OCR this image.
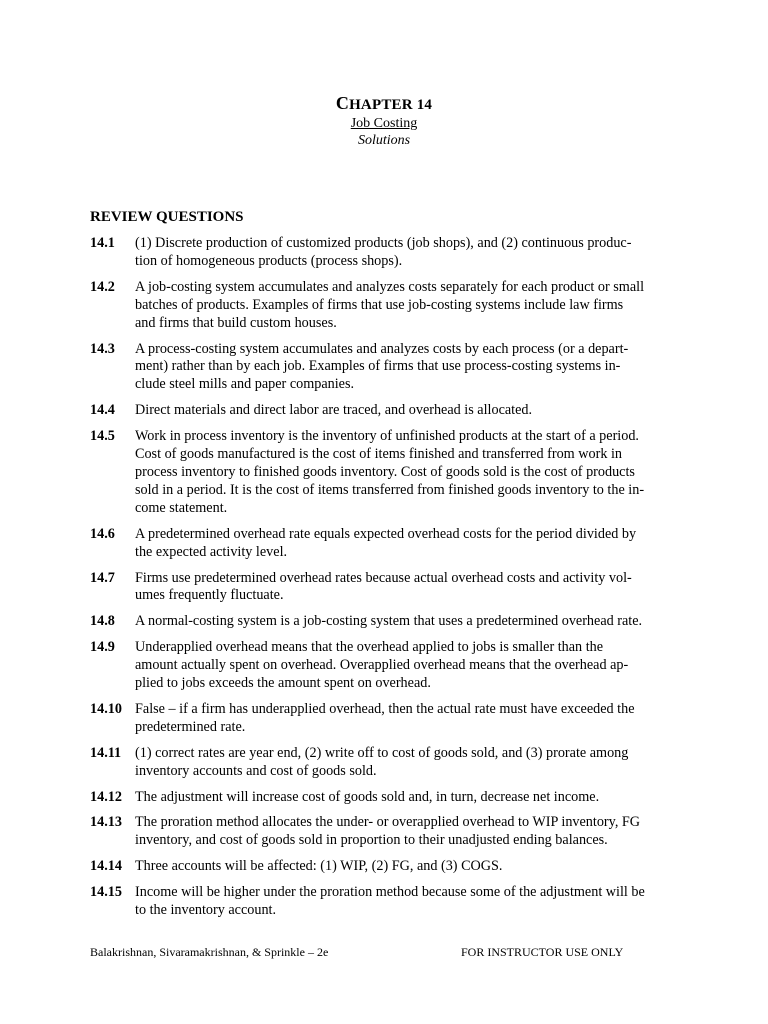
CHAPTER 14
Job Costing
Solutions
REVIEW QUESTIONS
14.1	(1) Discrete production of customized products (job shops), and (2) continuous produc-
tion of homogeneous products (process shops).
14.2	A job-costing system accumulates and analyzes costs separately for each product or small
batches of products. Examples of firms that use job-costing systems include law firms
and firms that build custom houses.
14.3	A process-costing system accumulates and analyzes costs by each process (or a depart-
ment) rather than by each job. Examples of firms that use process-costing systems in-
clude steel mills and paper companies.
14.4	Direct materials and direct labor are traced, and overhead is allocated.
14.5	Work in process inventory is the inventory of unfinished products at the start of a period.
Cost of goods manufactured is the cost of items finished and transferred from work in
process inventory to finished goods inventory. Cost of goods sold is the cost of products
sold in a period. It is the cost of items transferred from finished goods inventory to the in-
come statement.
14.6	A predetermined overhead rate equals expected overhead costs for the period divided by
the expected activity level.
14.7	Firms use predetermined overhead rates because actual overhead costs and activity vol-
umes frequently fluctuate.
14.8	A normal-costing system is a job-costing system that uses a predetermined overhead rate.
14.9	Underapplied overhead means that the overhead applied to jobs is smaller than the
amount actually spent on overhead. Overapplied overhead means that the overhead ap-
plied to jobs exceeds the amount spent on overhead.
14.10 False – if a firm has underapplied overhead, then the actual rate must have exceeded the
predetermined rate.
14.11 (1) correct rates are year end, (2) write off to cost of goods sold, and (3) prorate among
inventory accounts and cost of goods sold.
14.12 The adjustment will increase cost of goods sold and, in turn, decrease net income.
14.13 The proration method allocates the under- or overapplied overhead to WIP inventory, FG
inventory, and cost of goods sold in proportion to their unadjusted ending balances.
14.14 Three accounts will be affected: (1) WIP, (2) FG, and (3) COGS.
14.15 Income will be higher under the proration method because some of the adjustment will be
to the inventory account.
Balakrishnan, Sivaramakrishnan, & Sprinkle – 2e	FOR INSTRUCTOR USE ONLY
